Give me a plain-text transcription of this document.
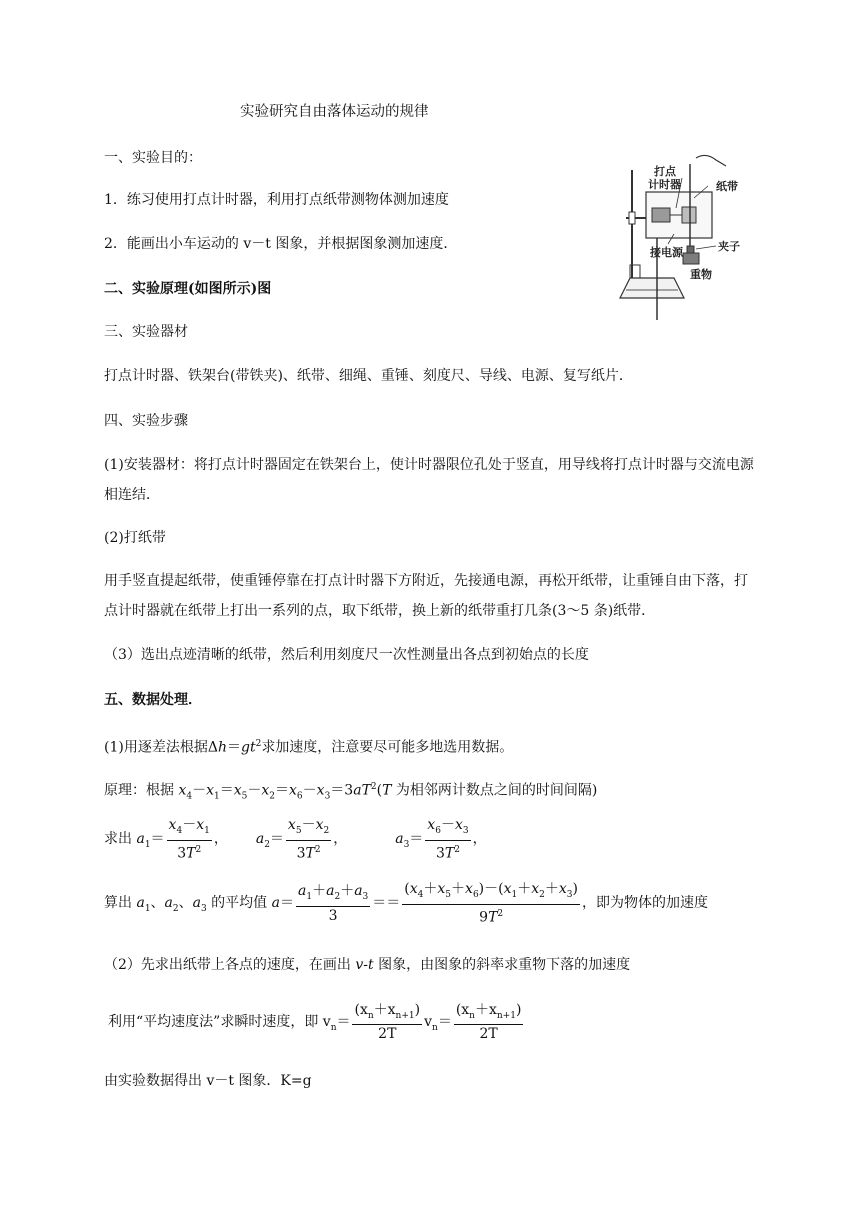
实验研究自由落体运动的规律
一、实验目的：
1．练习使用打点计时器，利用打点纸带测物体测加速度
2．能画出小车运动的 v－t 图象，并根据图象测加速度．
二、实验原理(如图所示)图
打点
计时器	纸带
夹子
接电源
重物
三、实验器材
打点计时器、铁架台(带铁夹)、纸带、细绳、重锤、刻度尺、导线、电源、复写纸片．
四、实验步骤
(1)安装器材：将打点计时器固定在铁架台上，使计时器限位孔处于竖直，用导线将打点计时器与交流电源相连结．
(2)打纸带
用手竖直提起纸带，使重锤停靠在打点计时器下方附近，先接通电源，再松开纸带，让重锤自由下落，打点计时器就在纸带上打出一系列的点，取下纸带，换上新的纸带重打几条(3～5 条)纸带．
（3）选出点迹清晰的纸带，然后利用刻度尺一次性测量出各点到初始点的长度
五、数据处理．
(1)用逐差法根据$\Delta h=gt^2$求加速度，注意要尽可能多地选用数据。
原理：根据 $x_4-x_1=x_5-x_2=x_6-x_3=3aT^2(T$ 为相邻两计数点之间的时间间隔)
求出 $a_1= \frac{x_4-x_1}{3T^2}$ ， $a_2= \frac{x_5-x_2}{3T^2}$ ，	$a_3= \frac{x_6-x_3}{3T^2}$ ，
算出 $a_1$、$a_2$、$a_3$ 的平均值 $a= \frac{a_1+a_2+a_3}{3} == \frac{(x_4+x_5+x_6)-(x_1+x_2+x_3)}{9T^2}$ ，即为物体的加速度
（2）先求出纸带上各点的速度，在画出 v-t 图象，由图象的斜率求重物下落的加速度
利用“平均速度法”求瞬时速度，即 $v_n= \frac{(x_n+x_{n+1})}{2T} v_n= \frac{(x_n+x_{n+1})}{2T}$
由实验数据得出 v－t 图象．K=g
